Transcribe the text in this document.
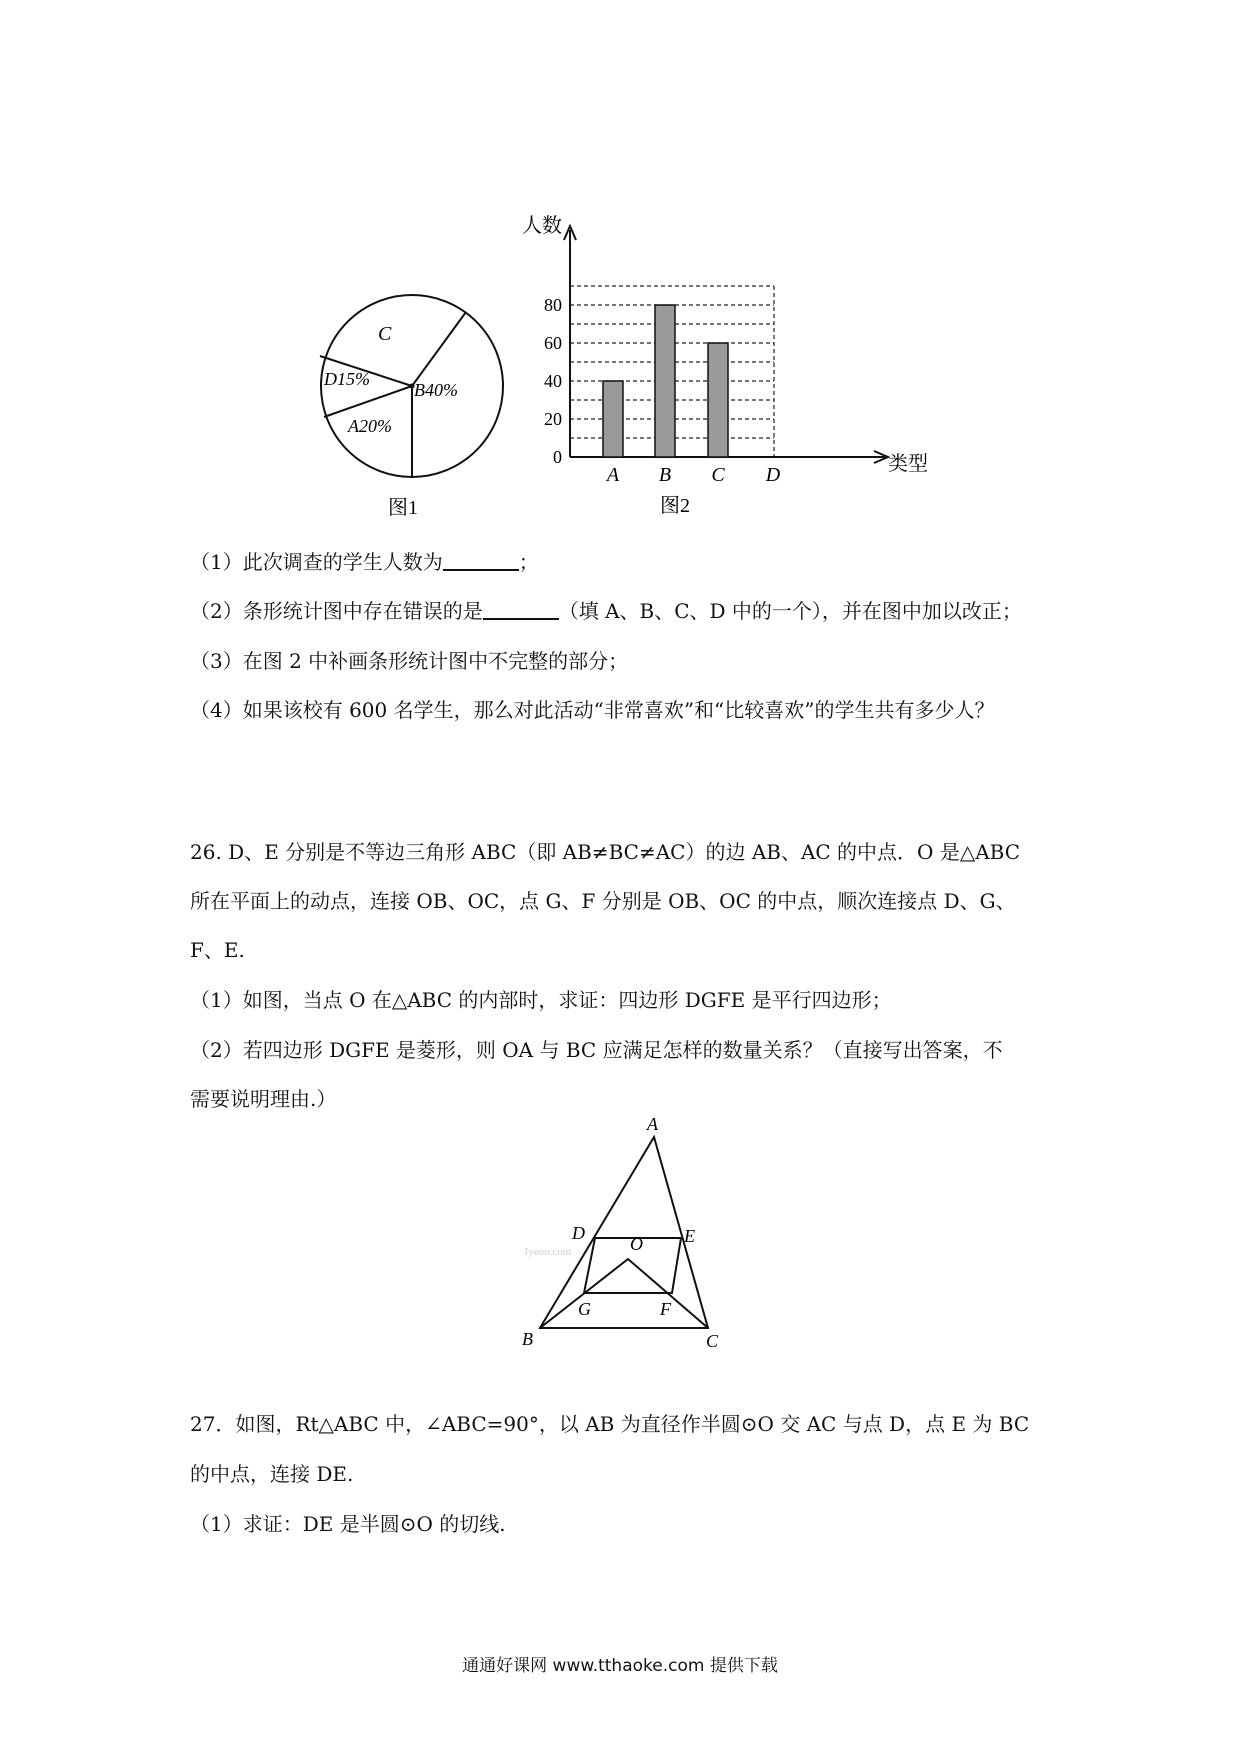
C
D15%
B40%
A20%
图1
0
20
40
60
80
A B C D
人数
类型
图2
（1）此次调查的学生人数为	；
（2）条形统计图中存在错误的是	（填 A、B、C、D 中的一个），并在图中加以改正；
（3）在图 2 中补画条形统计图中不完整的部分；
（4）如果该校有 600 名学生，那么对此活动“非常喜欢”和“比较喜欢”的学生共有多少人？
26. D、E 分别是不等边三角形 ABC（即 AB≠BC≠AC）的边 AB、AC 的中点．O 是△ABC
所在平面上的动点，连接 OB、OC，点 G、F 分别是 OB、OC 的中点，顺次连接点 D、G、
F、E.
（1）如图，当点 O 在△ABC 的内部时，求证：四边形 DGFE 是平行四边形；
（2）若四边形 DGFE 是菱形，则 OA 与 BC 应满足怎样的数量关系？（直接写出答案，不
需要说明理由.）
Jyeoo.com
A
B	C
D	E
F
G
O
27．如图，Rt△ABC 中，∠ABC=90°，以 AB 为直径作半圆⊙O 交 AC 与点 D，点 E 为 BC
的中点，连接 DE.
（1）求证：DE 是半圆⊙O 的切线.
通通好课网 www.tthaoke.com 提供下载
